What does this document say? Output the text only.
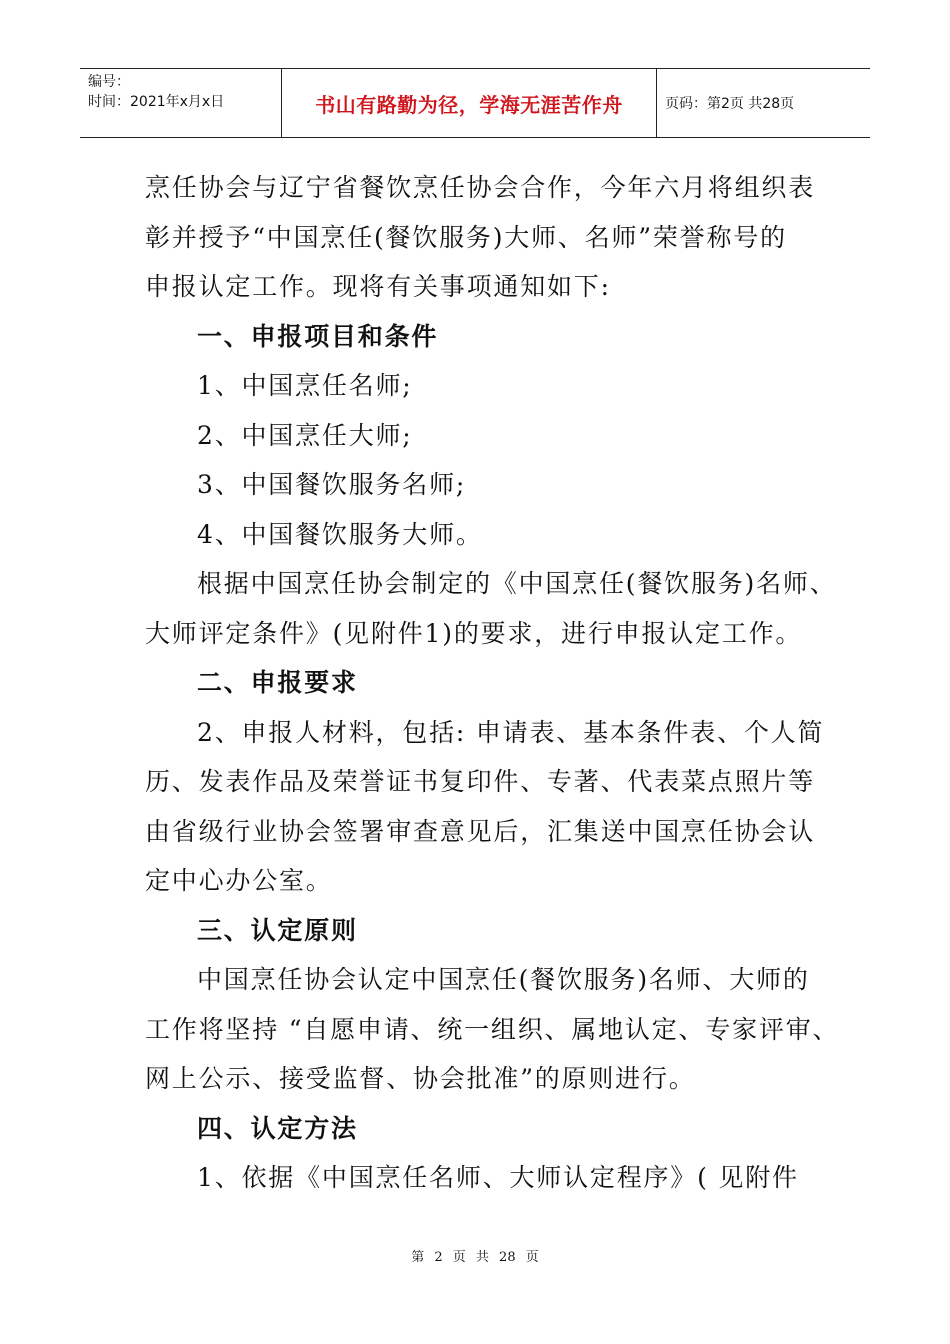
编号：
时间：2021年x月x日	书山有路勤为径，学海无涯苦作舟	页码：第2页 共28页
烹任协会与辽宁省餐饮烹任协会合作，今年六月将组织表
彰并授予“中国烹任(餐饮服务)大师、名师”荣誉称号的
申报认定工作。现将有关事项通知如下:
一、申报项目和条件
1、中国烹任名师;
2、中国烹任大师;
3、中国餐饮服务名师;
4、中国餐饮服务大师。
根据中国烹任协会制定的《中国烹任(餐饮服务)名师、
大师评定条件》(见附件1)的要求，进行申报认定工作。
二、申报要求
2、申报人材料，包括: 申请表、基本条件表、个人简
历、发表作品及荣誉证书复印件、专著、代表菜点照片等
由省级行业协会签署审查意见后，汇集送中国烹任协会认
定中心办公室。
三、认定原则
中国烹任协会认定中国烹任(餐饮服务)名师、大师的
工作将坚持 “自愿申请、统一组织、属地认定、专家评审、
网上公示、接受监督、协会批准”的原则进行。
四、认定方法
1、依据《中国烹任名师、大师认定程序》( 见附件
第 2 页 共 28 页
